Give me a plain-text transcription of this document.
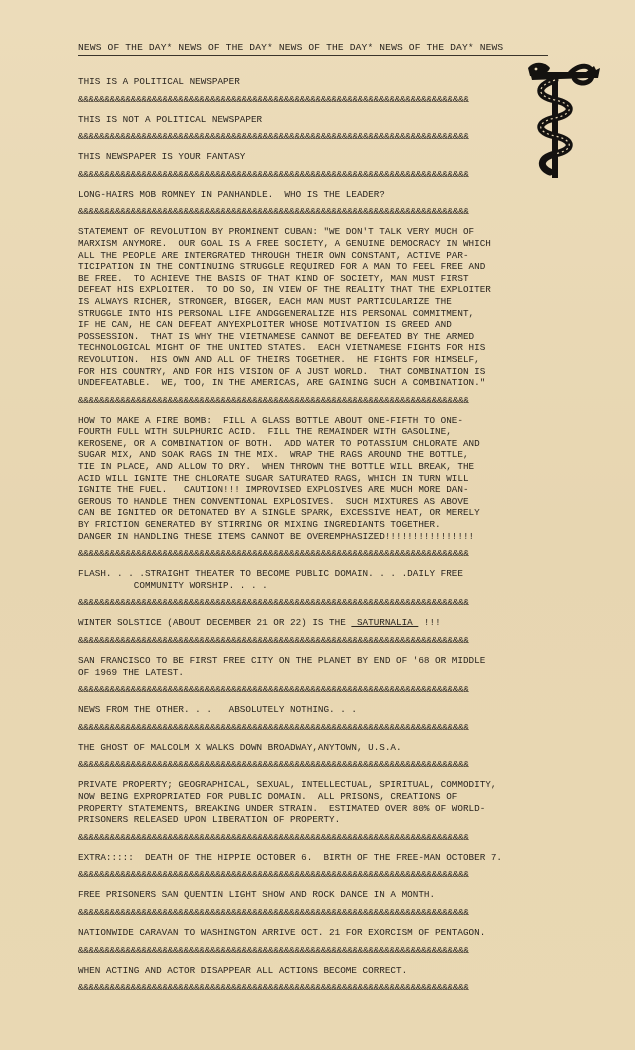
NEWS OF THE DAY* NEWS OF THE DAY* NEWS OF THE DAY* NEWS OF THE DAY* NEWS

THIS IS A POLITICAL NEWSPAPER

&&&&&&&&&&&&&&&&&&&&&&&&&&&&&&&&&&&&&&&&&&&&&&&&&&&&&&&&&&&&&&&&&&&&&&&&&&

THIS IS NOT A POLITICAL NEWSPAPER

&&&&&&&&&&&&&&&&&&&&&&&&&&&&&&&&&&&&&&&&&&&&&&&&&&&&&&&&&&&&&&&&&&&&&&&&&&

THIS NEWSPAPER IS YOUR FANTASY

&&&&&&&&&&&&&&&&&&&&&&&&&&&&&&&&&&&&&&&&&&&&&&&&&&&&&&&&&&&&&&&&&&&&&&&&&&

LONG-HAIRS MOB ROMNEY IN PANHANDLE.  WHO IS THE LEADER?

&&&&&&&&&&&&&&&&&&&&&&&&&&&&&&&&&&&&&&&&&&&&&&&&&&&&&&&&&&&&&&&&&&&&&&&&&&

STATEMENT OF REVOLUTION BY PROMINENT CUBAN: "WE DON'T TALK VERY MUCH OF
MARXISM ANYMORE.  OUR GOAL IS A FREE SOCIETY, A GENUINE DEMOCRACY IN WHICH
ALL THE PEOPLE ARE INTERGRATED THROUGH THEIR OWN CONSTANT, ACTIVE PAR-
TICIPATION IN THE CONTINUING STRUGGLE REQUIRED FOR A MAN TO FEEL FREE AND
BE FREE.  TO ACHIEVE THE BASIS OF THAT KIND OF SOCIETY, MAN MUST FIRST
DEFEAT HIS EXPLOITER.  TO DO SO, IN VIEW OF THE REALITY THAT THE EXPLOITER
IS ALWAYS RICHER, STRONGER, BIGGER, EACH MAN MUST PARTICULARIZE THE
STRUGGLE INTO HIS PERSONAL LIFE ANDGGENERALIZE HIS PERSONAL COMMITMENT,
IF HE CAN, HE CAN DEFEAT ANYEXPLOITER WHOSE MOTIVATION IS GREED AND
POSSESSION.  THAT IS WHY THE VIETNAMESE CANNOT BE DEFEATED BY THE ARMED
TECHNOLOGICAL MIGHT OF THE UNITED STATES.  EACH VIETNAMESE FIGHTS FOR HIS
REVOLUTION.  HIS OWN AND ALL OF THEIRS TOGETHER.  HE FIGHTS FOR HIMSELF,
FOR HIS COUNTRY, AND FOR HIS VISION OF A JUST WORLD.  THAT COMBINATION IS
UNDEFEATABLE.  WE, TOO, IN THE AMERICAS, ARE GAINING SUCH A COMBINATION."

&&&&&&&&&&&&&&&&&&&&&&&&&&&&&&&&&&&&&&&&&&&&&&&&&&&&&&&&&&&&&&&&&&&&&&&&&&

HOW TO MAKE A FIRE BOMB:  FILL A GLASS BOTTLE ABOUT ONE-FIFTH TO ONE-
FOURTH FULL WITH SULPHURIC ACID.  FILL THE REMAINDER WITH GASOLINE,
KEROSENE, OR A COMBINATION OF BOTH.  ADD WATER TO POTASSIUM CHLORATE AND
SUGAR MIX, AND SOAK RAGS IN THE MIX.  WRAP THE RAGS AROUND THE BOTTLE,
TIE IN PLACE, AND ALLOW TO DRY.  WHEN THROWN THE BOTTLE WILL BREAK, THE
ACID WILL IGNITE THE CHLORATE SUGAR SATURATED RAGS, WHICH IN TURN WILL
IGNITE THE FUEL.   CAUTION!!! IMPROVISED EXPLOSIVES ARE MUCH MORE DAN-
GEROUS TO HANDLE THEN CONVENTIONAL EXPLOSIVES.  SUCH MIXTURES AS ABOVE
CAN BE IGNITED OR DETONATED BY A SINGLE SPARK, EXCESSIVE HEAT, OR MERELY
BY FRICTION GENERATED BY STIRRING OR MIXING INGREDIANTS TOGETHER.
DANGER IN HANDLING THESE ITEMS CANNOT BE OVEREMPHASIZED!!!!!!!!!!!!!!!!

&&&&&&&&&&&&&&&&&&&&&&&&&&&&&&&&&&&&&&&&&&&&&&&&&&&&&&&&&&&&&&&&&&&&&&&&&&

FLASH. . . .STRAIGHT THEATER TO BECOME PUBLIC DOMAIN. . . .DAILY FREE
COMMUNITY WORSHIP. . . .

&&&&&&&&&&&&&&&&&&&&&&&&&&&&&&&&&&&&&&&&&&&&&&&&&&&&&&&&&&&&&&&&&&&&&&&&&&

WINTER SOLSTICE (ABOUT DECEMBER 21 OR 22) IS THE  SATURNALIA  !!!

&&&&&&&&&&&&&&&&&&&&&&&&&&&&&&&&&&&&&&&&&&&&&&&&&&&&&&&&&&&&&&&&&&&&&&&&&&

SAN FRANCISCO TO BE FIRST FREE CITY ON THE PLANET BY END OF '68 OR MIDDLE
OF 1969 THE LATEST.

&&&&&&&&&&&&&&&&&&&&&&&&&&&&&&&&&&&&&&&&&&&&&&&&&&&&&&&&&&&&&&&&&&&&&&&&&&

NEWS FROM THE OTHER. . .   ABSOLUTELY NOTHING. . .

&&&&&&&&&&&&&&&&&&&&&&&&&&&&&&&&&&&&&&&&&&&&&&&&&&&&&&&&&&&&&&&&&&&&&&&&&&

THE GHOST OF MALCOLM X WALKS DOWN BROADWAY,ANYTOWN, U.S.A.

&&&&&&&&&&&&&&&&&&&&&&&&&&&&&&&&&&&&&&&&&&&&&&&&&&&&&&&&&&&&&&&&&&&&&&&&&&

PRIVATE PROPERTY; GEOGRAPHICAL, SEXUAL, INTELLECTUAL, SPIRITUAL, COMMODITY,
NOW BEING EXPROPRIATED FOR PUBLIC DOMAIN.  ALL PRISONS, CREATIONS OF
PROPERTY STATEMENTS, BREAKING UNDER STRAIN.  ESTIMATED OVER 80% OF WORLD-
PRISONERS RELEASED UPON LIBERATION OF PROPERTY.

&&&&&&&&&&&&&&&&&&&&&&&&&&&&&&&&&&&&&&&&&&&&&&&&&&&&&&&&&&&&&&&&&&&&&&&&&&

EXTRA:::::  DEATH OF THE HIPPIE OCTOBER 6.  BIRTH OF THE FREE-MAN OCTOBER 7.

&&&&&&&&&&&&&&&&&&&&&&&&&&&&&&&&&&&&&&&&&&&&&&&&&&&&&&&&&&&&&&&&&&&&&&&&&&

FREE PRISONERS SAN QUENTIN LIGHT SHOW AND ROCK DANCE IN A MONTH.

&&&&&&&&&&&&&&&&&&&&&&&&&&&&&&&&&&&&&&&&&&&&&&&&&&&&&&&&&&&&&&&&&&&&&&&&&&

NATIONWIDE CARAVAN TO WASHINGTON ARRIVE OCT. 21 FOR EXORCISM OF PENTAGON.

&&&&&&&&&&&&&&&&&&&&&&&&&&&&&&&&&&&&&&&&&&&&&&&&&&&&&&&&&&&&&&&&&&&&&&&&&&

WHEN ACTING AND ACTOR DISAPPEAR ALL ACTIONS BECOME CORRECT.

&&&&&&&&&&&&&&&&&&&&&&&&&&&&&&&&&&&&&&&&&&&&&&&&&&&&&&&&&&&&&&&&&&&&&&&&&&
